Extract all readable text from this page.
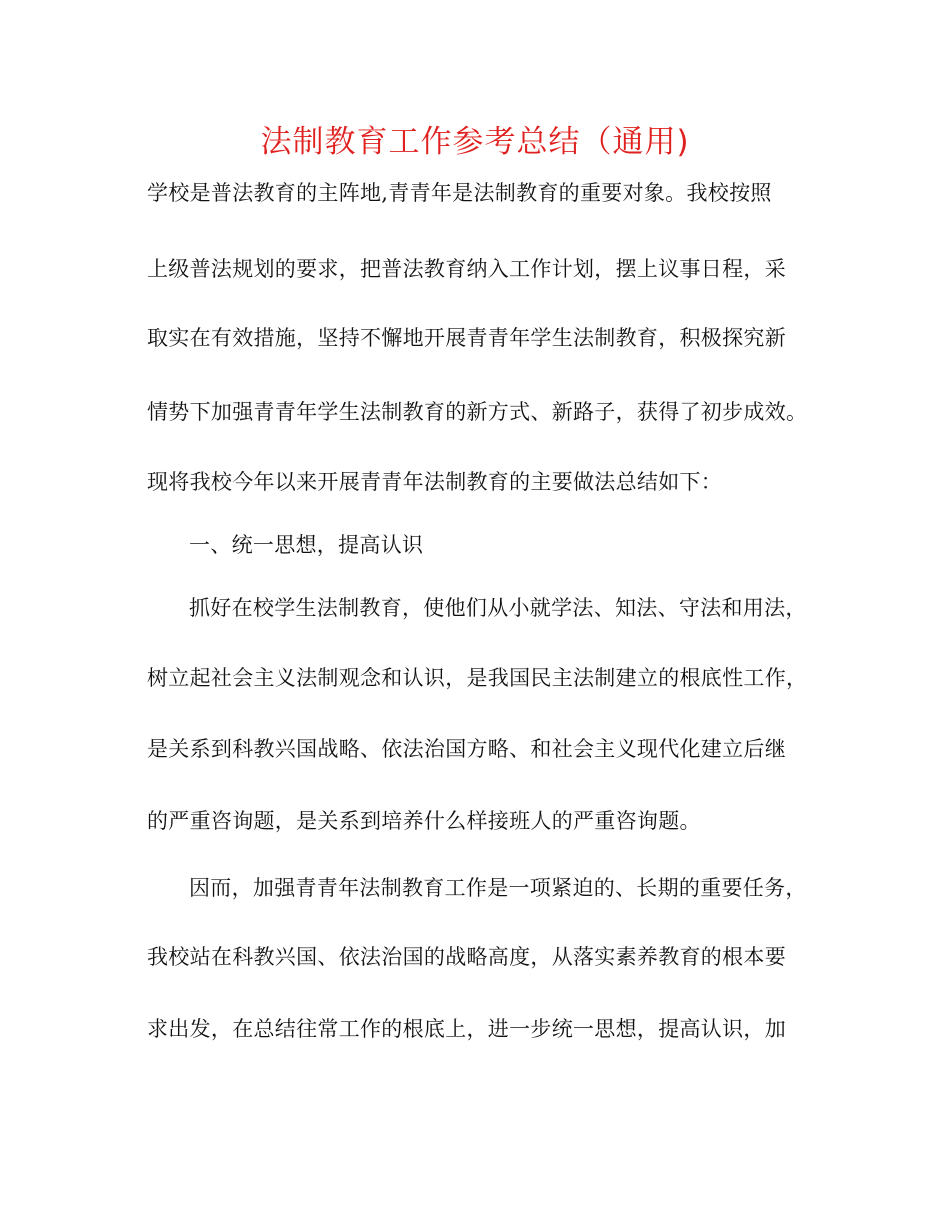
法制教育工作参考总结（通用)
学校是普法教育的主阵地,青青年是法制教育的重要对象。我校按照
上级普法规划的要求，把普法教育纳入工作计划，摆上议事日程，采
取实在有效措施，坚持不懈地开展青青年学生法制教育，积极探究新
情势下加强青青年学生法制教育的新方式、新路子，获得了初步成效。
现将我校今年以来开展青青年法制教育的主要做法总结如下：
一、统一思想，提高认识
抓好在校学生法制教育，使他们从小就学法、知法、守法和用法，
树立起社会主义法制观念和认识，是我国民主法制建立的根底性工作，
是关系到科教兴国战略、依法治国方略、和社会主义现代化建立后继
的严重咨询题，是关系到培养什么样接班人的严重咨询题。
因而，加强青青年法制教育工作是一项紧迫的、长期的重要任务，
我校站在科教兴国、依法治国的战略高度，从落实素养教育的根本要
求出发，在总结往常工作的根底上，进一步统一思想，提高认识，加
